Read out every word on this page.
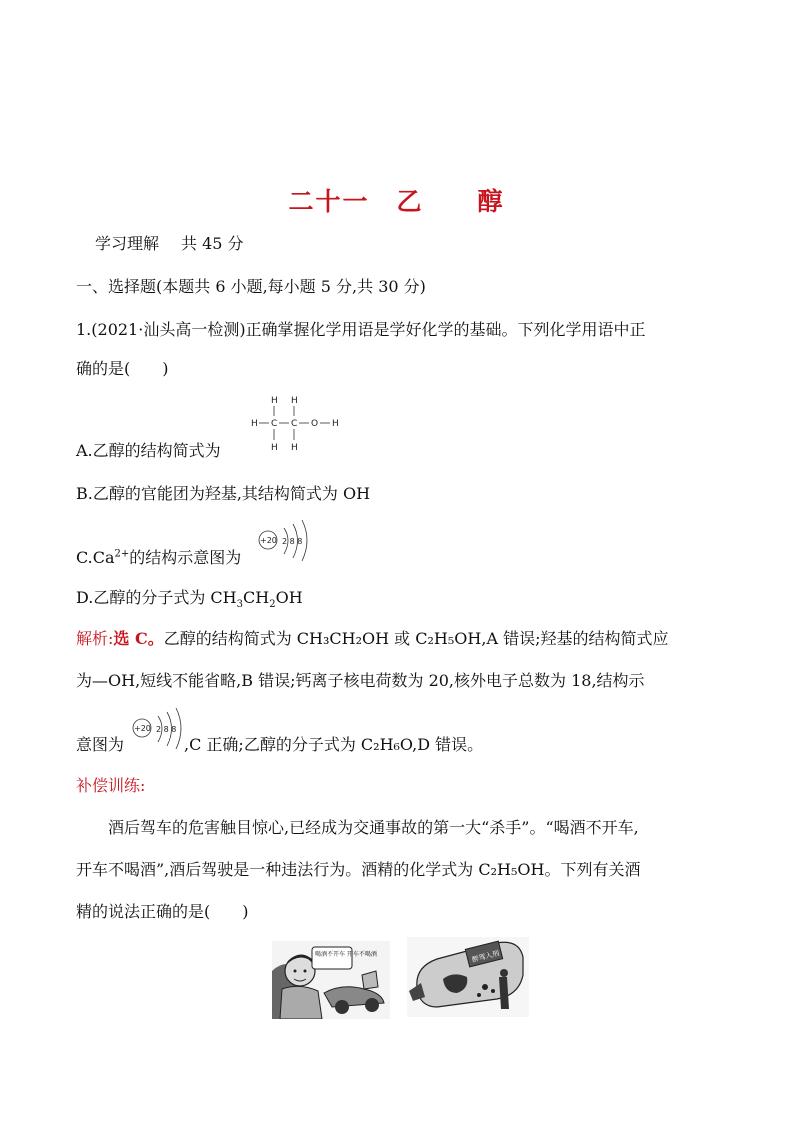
二十一　乙　　醇
学习理解 共 45 分
一、选择题(本题共 6 小题,每小题 5 分,共 30 分)
1.(2021·汕头高一检测)正确掌握化学用语是学好化学的基础。下列化学用语中正
确的是(　　)
A.乙醇的结构简式为
H H
H C C O H
H H
B.乙醇的官能团为羟基,其结构简式为 OH
$C.Ca^{2+}$的结构示意图为
+20 2 8 8
D.乙醇的分子式为 $CH_3CH_2OH$
解析:选 C。乙醇的结构简式为 CH₃CH₂OH 或 C₂H₅OH,A 错误;羟基的结构简式应
为—OH,短线不能省略,B 错误;钙离子核电荷数为 20,核外电子总数为 18,结构示
意图为	,C 正确;乙醇的分子式为 C₂H₆O,D 错误。
+20 2 8 8
补偿训练:
酒后驾车的危害触目惊心,已经成为交通事故的第一大“杀手”。“喝酒不开车,
开车不喝酒”,酒后驾驶是一种违法行为。酒精的化学式为 C₂H₅OH。下列有关酒
精的说法正确的是(　　)
喝酒不开车 开车不喝酒	醉驾入刑
